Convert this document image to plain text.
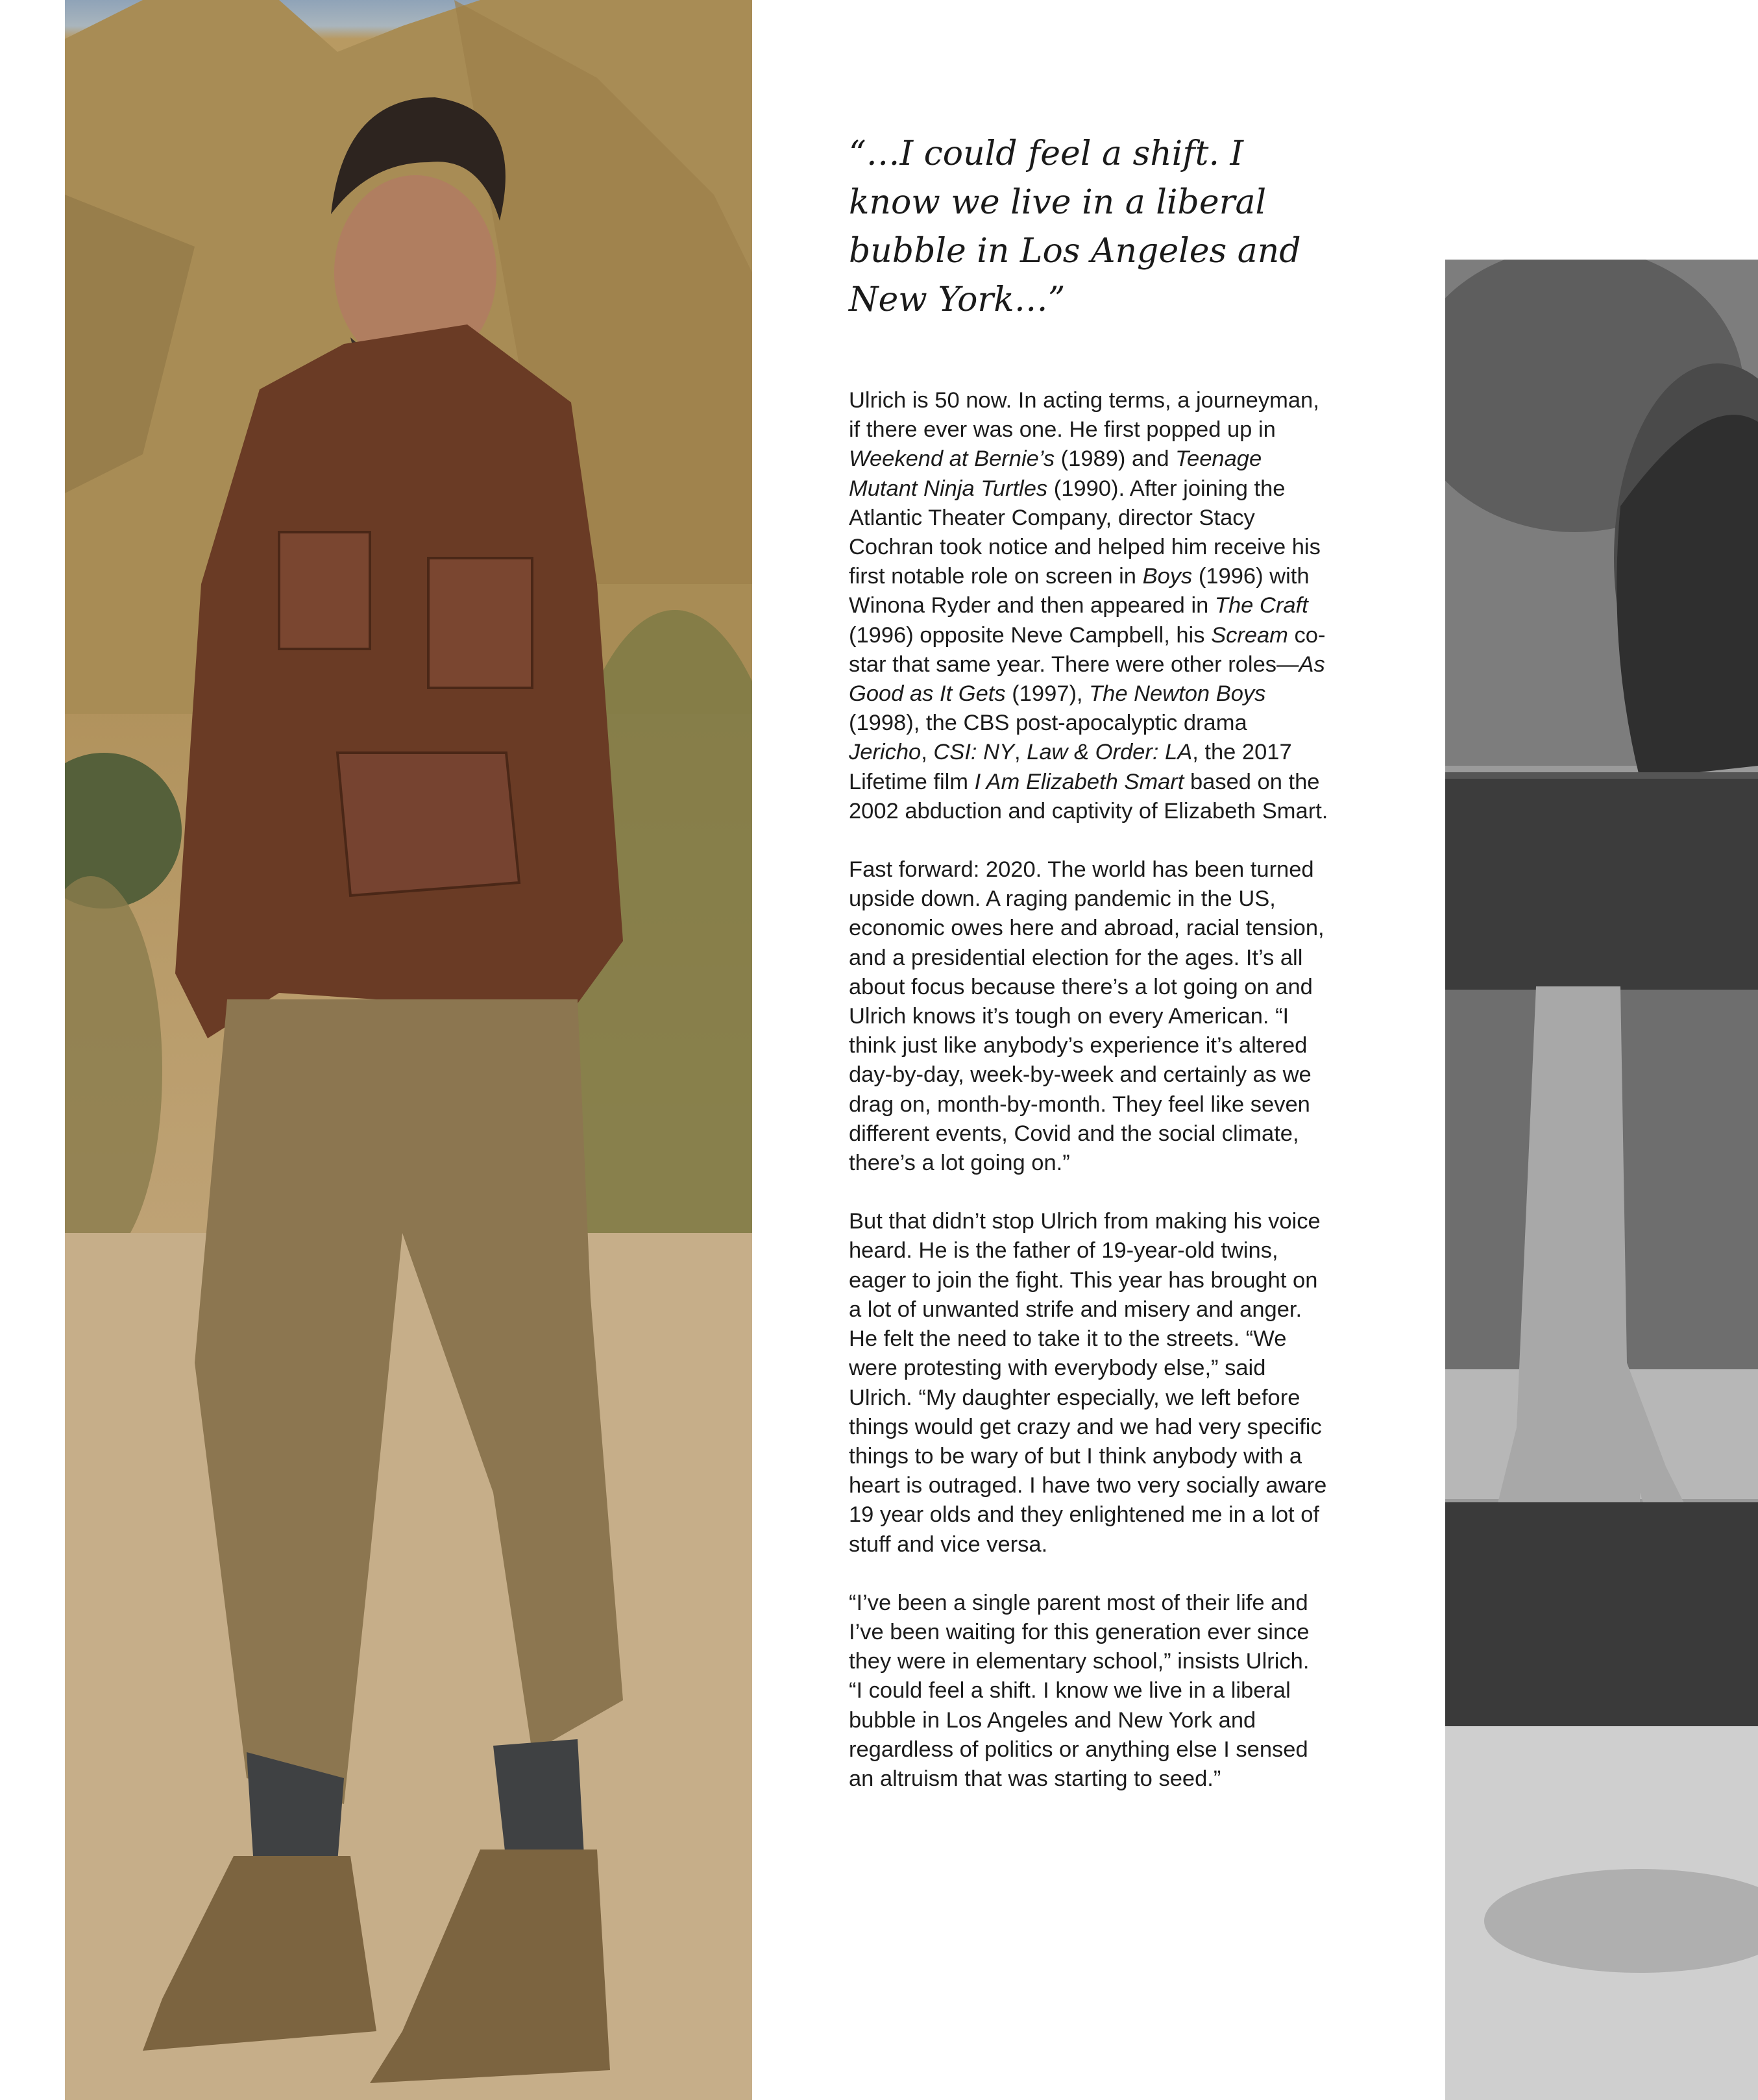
“…I could feel a shift. I know we live in a liberal bubble in Los Angeles and New York…”

Ulrich is 50 now. In acting terms, a journeyman, if there ever was one. He first popped up in Weekend at Bernie’s (1989) and Teenage Mutant Ninja Turtles (1990). After joining the Atlantic Theater Company, director Stacy Cochran took notice and helped him receive his first notable role on screen in Boys (1996) with Winona Ryder and then appeared in The Craft (1996) opposite Neve Campbell, his Scream co-star that same year. There were other roles—As Good as It Gets (1997), The Newton Boys (1998), the CBS post-apocalyptic drama Jericho, CSI: NY, Law & Order: LA, the 2017 Lifetime film I Am Elizabeth Smart based on the 2002 abduction and captivity of Elizabeth Smart.

Fast forward: 2020. The world has been turned upside down. A raging pandemic in the US, economic owes here and abroad, racial tension, and a presidential election for the ages. It’s all about focus because there’s a lot going on and Ulrich knows it’s tough on every American. “I think just like anybody’s experience it’s altered day-by-day, week-by-week and certainly as we drag on, month-by-month. They feel like seven different events, Covid and the social climate, there’s a lot going on.”

But that didn’t stop Ulrich from making his voice heard. He is the father of 19-year-old twins, eager to join the fight. This year has brought on a lot of unwanted strife and misery and anger. He felt the need to take it to the streets. “We were protesting with everybody else,” said Ulrich. “My daughter especially, we left before things would get crazy and we had very specific things to be wary of but I think anybody with a heart is outraged. I have two very socially aware 19 year olds and they enlightened me in a lot of stuff and vice versa.

“I’ve been a single parent most of their life and I’ve been waiting for this generation ever since they were in elementary school,” insists Ulrich. “I could feel a shift. I know we live in a liberal bubble in Los Angeles and New York and regardless of politics or anything else I sensed an altruism that was starting to seed.”
